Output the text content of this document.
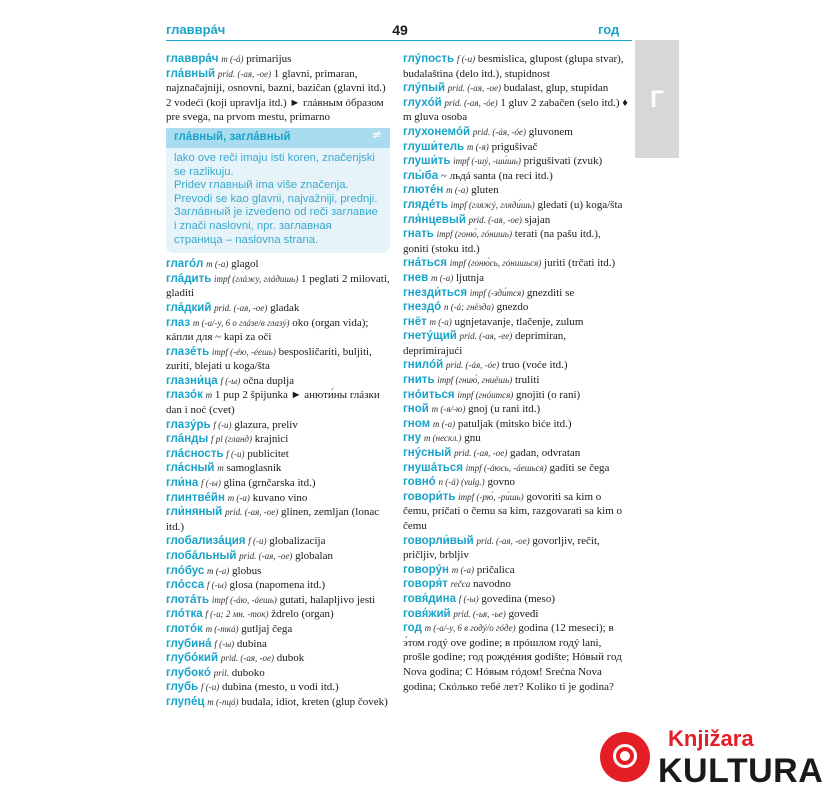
главврáч	49	год
Г
главврáч m (-á) primarijus
глáвный prid. (-ая, -ое) 1 glavni, primaran, najznačajniji, osnovni, bazni, baziĉan (glavni itd.) 2 vodeći (koji upravlja itd.) ► глáвным óбразом pre svega, na prvom mestu, primarno
глáвный, заглáвный	≠
lako ove reči imaju isti koren, značenjski se razlikuju.
Pridev главный ima više značenja.
Prevodi se kao glavni, najvažniji, prednji.
Заглáвный je izvedeno od reči заглавие i znači naslovni, npr. заглавная страница – naslovna strana.
глагóл m (-а) glagol
глáдить impf (глáжу, глáдишь) 1 peglati 2 milovati, gladiti
глáдкий prid. (-ая, -ое) gladak
глаз m (-а/-у, 6 о глáзе/в глазý) oko (organ vida); кáпли для ~ kapi za oči
глазéть impf (-éю, -éешь) besposličariti, buljiti, zuriti, blejati u koga/šta
глазни́ца f (-ы) očna duplja
глазóк m 1 pup 2 špijunka ► анюти́ны глáзки dan i noć (cvet)
глазýрь f (-и) glazura, preliv
глáнды f pl (гланд) krajnici
глáсность f (-и) publicitet
глáсный m samoglasnik
гли́на f (-ы) glina (grnčarska itd.)
глинтвéйн m (-а) kuvano vino
гли́няный prid. (-ая, -ое) glinen, zemljan (lonac itd.)
глобализáция f (-и) globalizacija
глобáльный prid. (-ая, -ое) globalan
глóбус m (-а) globus
глóсса f (-ы) glosa (napomena itd.)
глотáть impf (-áю, -áешь) gutati, halapljivo jesti
глóтка f (-и; 2 мн. -ток) ždrelo (organ)
глотóк m (-ткá) gutljaj čega
глубинá f (-ы) dubina
глубóкий prid. (-ая, -ое) dubok
глубокó pril. duboko
глубь f (-и) dubina (mesto, u vodi itd.)
глупéц m (-пцá) budala, idiot, kreten (glup čovek)
глýпость f (-и) besmislica, glupost (glupa stvar), budalaština (delo itd.), stupidnost
глýпый prid. (-ая, -ое) budalast, glup, stupidan
глухóй prid. (-ая, -óе) 1 gluv 2 zabačen (selo itd.) ♦ m gluva osoba
глухонемóй prid. (-áя, -óе) gluvonem
глуши́тель m (-я) prigušivač
глуши́ть impf (-шý, -ши́шь) prigušivati (zvuk)
глы́ба ~ льдá santa (na reci itd.)
глютéн m (-а) gluten
глядéть impf (гляжý, гляди́шь) gledati (u) koga/šta
гля́нцевый prid. (-ая, -ое) sjajan
гнать impf (гоню́, гóнишь) terati (na pašu itd.), goniti (stoku itd.)
гнáться impf (гоню́сь, гóнишься) juriti (trčati itd.)
гнев m (-а) ljutnja
гнезди́ться impf (-зди́тся) gnezditi se
гнездó n (-á; гнёзда) gnezdo
гнёт m (-а) ugnjetavanje, tlačenje, zulum
гнетýщий prid. (-ая, -ее) deprimiran, deprimirajući
гнилóй prid. (-áя, -óе) truo (voće itd.)
гнить impf (гнию́, гниёшь) truliti
гнóиться impf (гнóится) gnojiti (o rani)
гной m (-я/-ю) gnoj (u rani itd.)
гном m (-а) patuljak (mitsko biće itd.)
гну m (нескл.) gnu
гнýсный prid. (-ая, -ое) gadan, odvratan
гнушáться impf (-áюсь, -áешься) gaditi se čega
говнó n (-á) (vulg.) govno
говори́ть impf (-рю́, -ри́шь) govoriti sa kim o čemu, pričati o čemu sa kim, razgovarati sa kim o čemu
говорли́вый prid. (-ая, -ое) govorljiv, rečit, pričljiv, brbljiv
говорýн m (-а) pričalica
говоря́т rečca navodno
говя́дина f (-ы) govedina (meso)
говя́жий prid. (-ья, -ье) goveđi
год m (-а/-у, 6 в годý/о гóде) godina (12 meseci); в э́том годý ove godine; в прóшлом годý lani, prošle godine; год рождéния godište; Нóвый год Nova godina; С Нóвым гóдом! Srećna Nova godina; Скóлько тебé лет? Koliko ti je godina?
Knjižara
KULTURA
